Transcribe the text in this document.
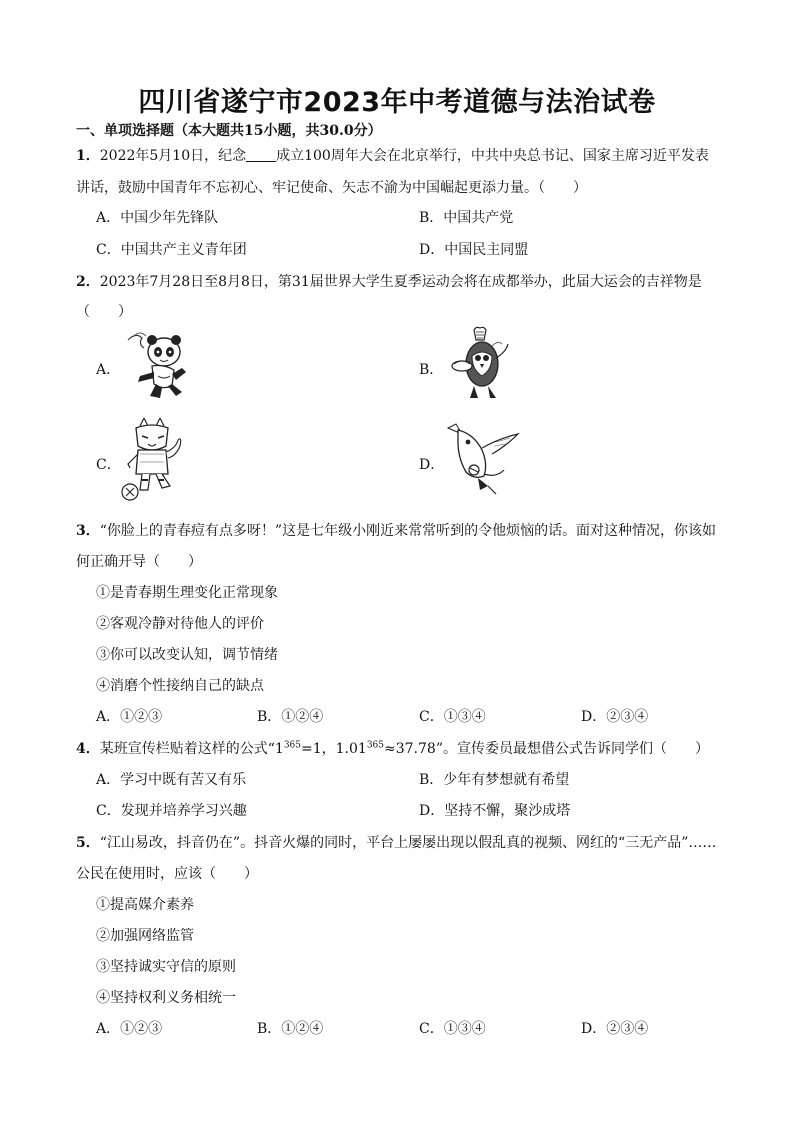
四川省遂宁市2023年中考道德与法治试卷
一、单项选择题（本大题共15小题，共30.0分）
1．2022年5月10日，纪念 成立100周年大会在北京举行，中共中央总书记、国家主席习近平发表
讲话，鼓励中国青年不忘初心、牢记使命、矢志不渝为中国崛起更添力量。（　　）
A．中国少年先锋队	B．中国共产党
C．中国共产主义青年团	D．中国民主同盟
2．2023年7月28日至8月8日，第31届世界大学生夏季运动会将在成都举办，此届大运会的吉祥物是
（　　）
A．	B．
C．	D．
3．“你脸上的青春痘有点多呀！”这是七年级小刚近来常常听到的令他烦恼的话。面对这种情况，你该如
何正确开导（　　）
①是青春期生理变化正常现象
②客观冷静对待他人的评价
③你可以改变认知，调节情绪
④消磨个性接纳自己的缺点
A．①②③	B．①②④	C．①③④	D．②③④
4．某班宣传栏贴着这样的公式“$1^{365}=1$，$1.01^{365}\approx 37.78$”。宣传委员最想借公式告诉同学们（　　）
A．学习中既有苦又有乐	B．少年有梦想就有希望
C．发现并培养学习兴趣	D．坚持不懈，聚沙成塔
5．“江山易改，抖音仍在”。抖音火爆的同时，平台上屡屡出现以假乱真的视频、网红的“三无产品”……
公民在使用时，应该（　　）
①提高媒介素养
②加强网络监管
③坚持诚实守信的原则
④坚持权利义务相统一
A．①②③	B．①②④	C．①③④	D．②③④
